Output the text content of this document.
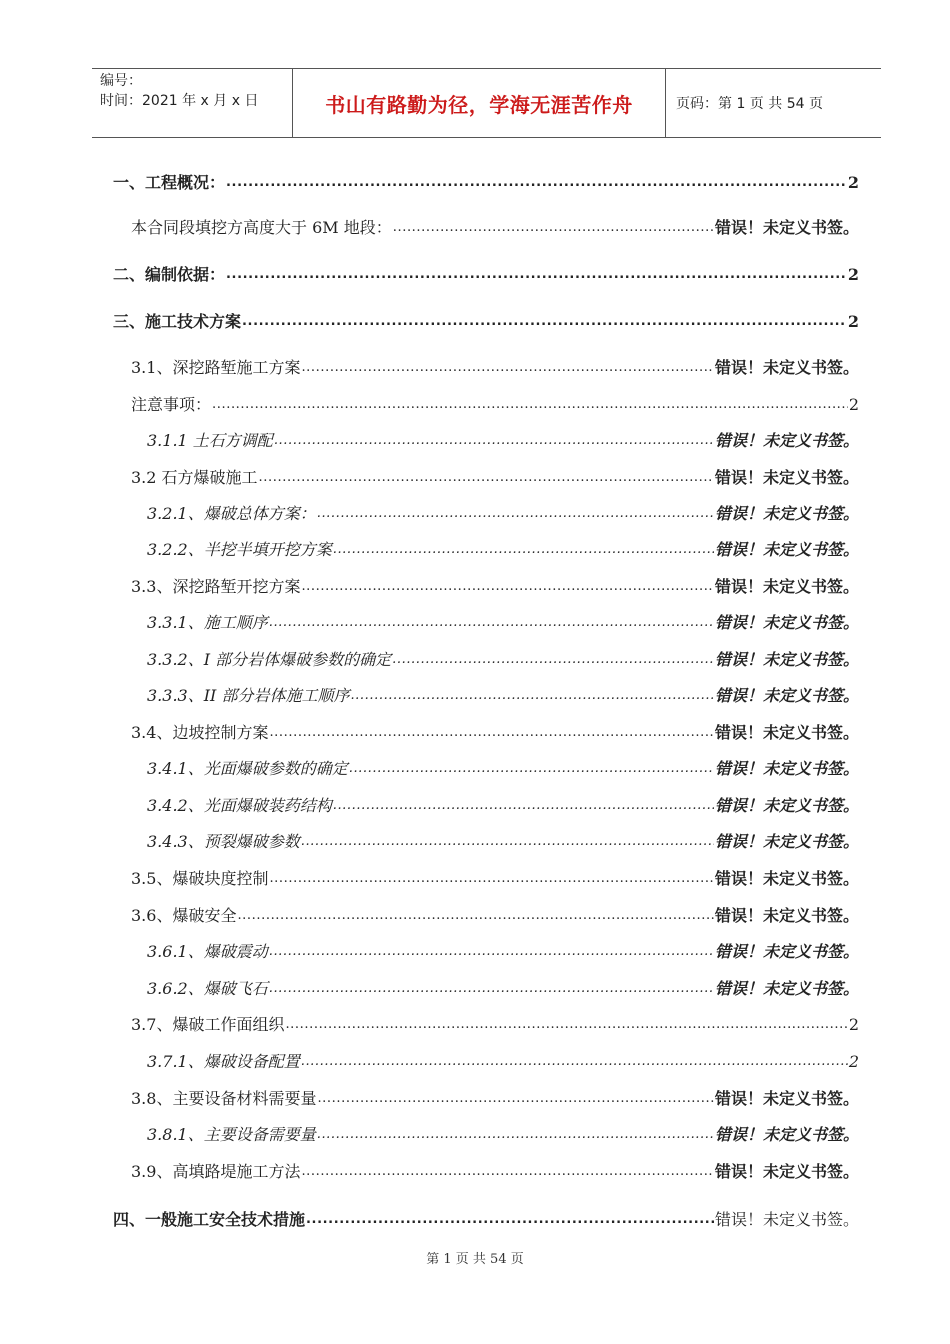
编号：
时间：2021 年 x 月 x 日	书山有路勤为径，学海无涯苦作舟	页码：第 1 页 共 54 页
一、工程概况： .....	2
本合同段填挖方高度大于 6M 地段： .....	错误！未定义书签。
二、编制依据： .....	2
三、施工技术方案 .....	2
3.1、深挖路堑施工方案 .....	错误！未定义书签。
注意事项： .....	2
3.1.1 土石方调配 .....	错误！未定义书签。
3.2 石方爆破施工 .....	错误！未定义书签。
3.2.1、爆破总体方案： .....	错误！未定义书签。
3.2.2、半挖半填开挖方案 .....	错误！未定义书签。
3.3、深挖路堑开挖方案 .....	错误！未定义书签。
3.3.1、施工顺序 .....	错误！未定义书签。
3.3.2、I 部分岩体爆破参数的确定 .....	错误！未定义书签。
3.3.3、II 部分岩体施工顺序 .....	错误！未定义书签。
3.4、边坡控制方案 .....	错误！未定义书签。
3.4.1、光面爆破参数的确定 .....	错误！未定义书签。
3.4.2、光面爆破装药结构 .....	错误！未定义书签。
3.4.3、预裂爆破参数 .....	错误！未定义书签。
3.5、爆破块度控制 .....	错误！未定义书签。
3.6、爆破安全 .....	错误！未定义书签。
3.6.1、爆破震动 .....	错误！未定义书签。
3.6.2、爆破飞石 .....	错误！未定义书签。
3.7、爆破工作面组织 .....	2
3.7.1、爆破设备配置 .....	2
3.8、主要设备材料需要量 .....	错误！未定义书签。
3.8.1、主要设备需要量 .....	错误！未定义书签。
3.9、高填路堤施工方法 .....	错误！未定义书签。
四、一般施工安全技术措施 .....	错误！未定义书签。
第 1 页 共 54 页
